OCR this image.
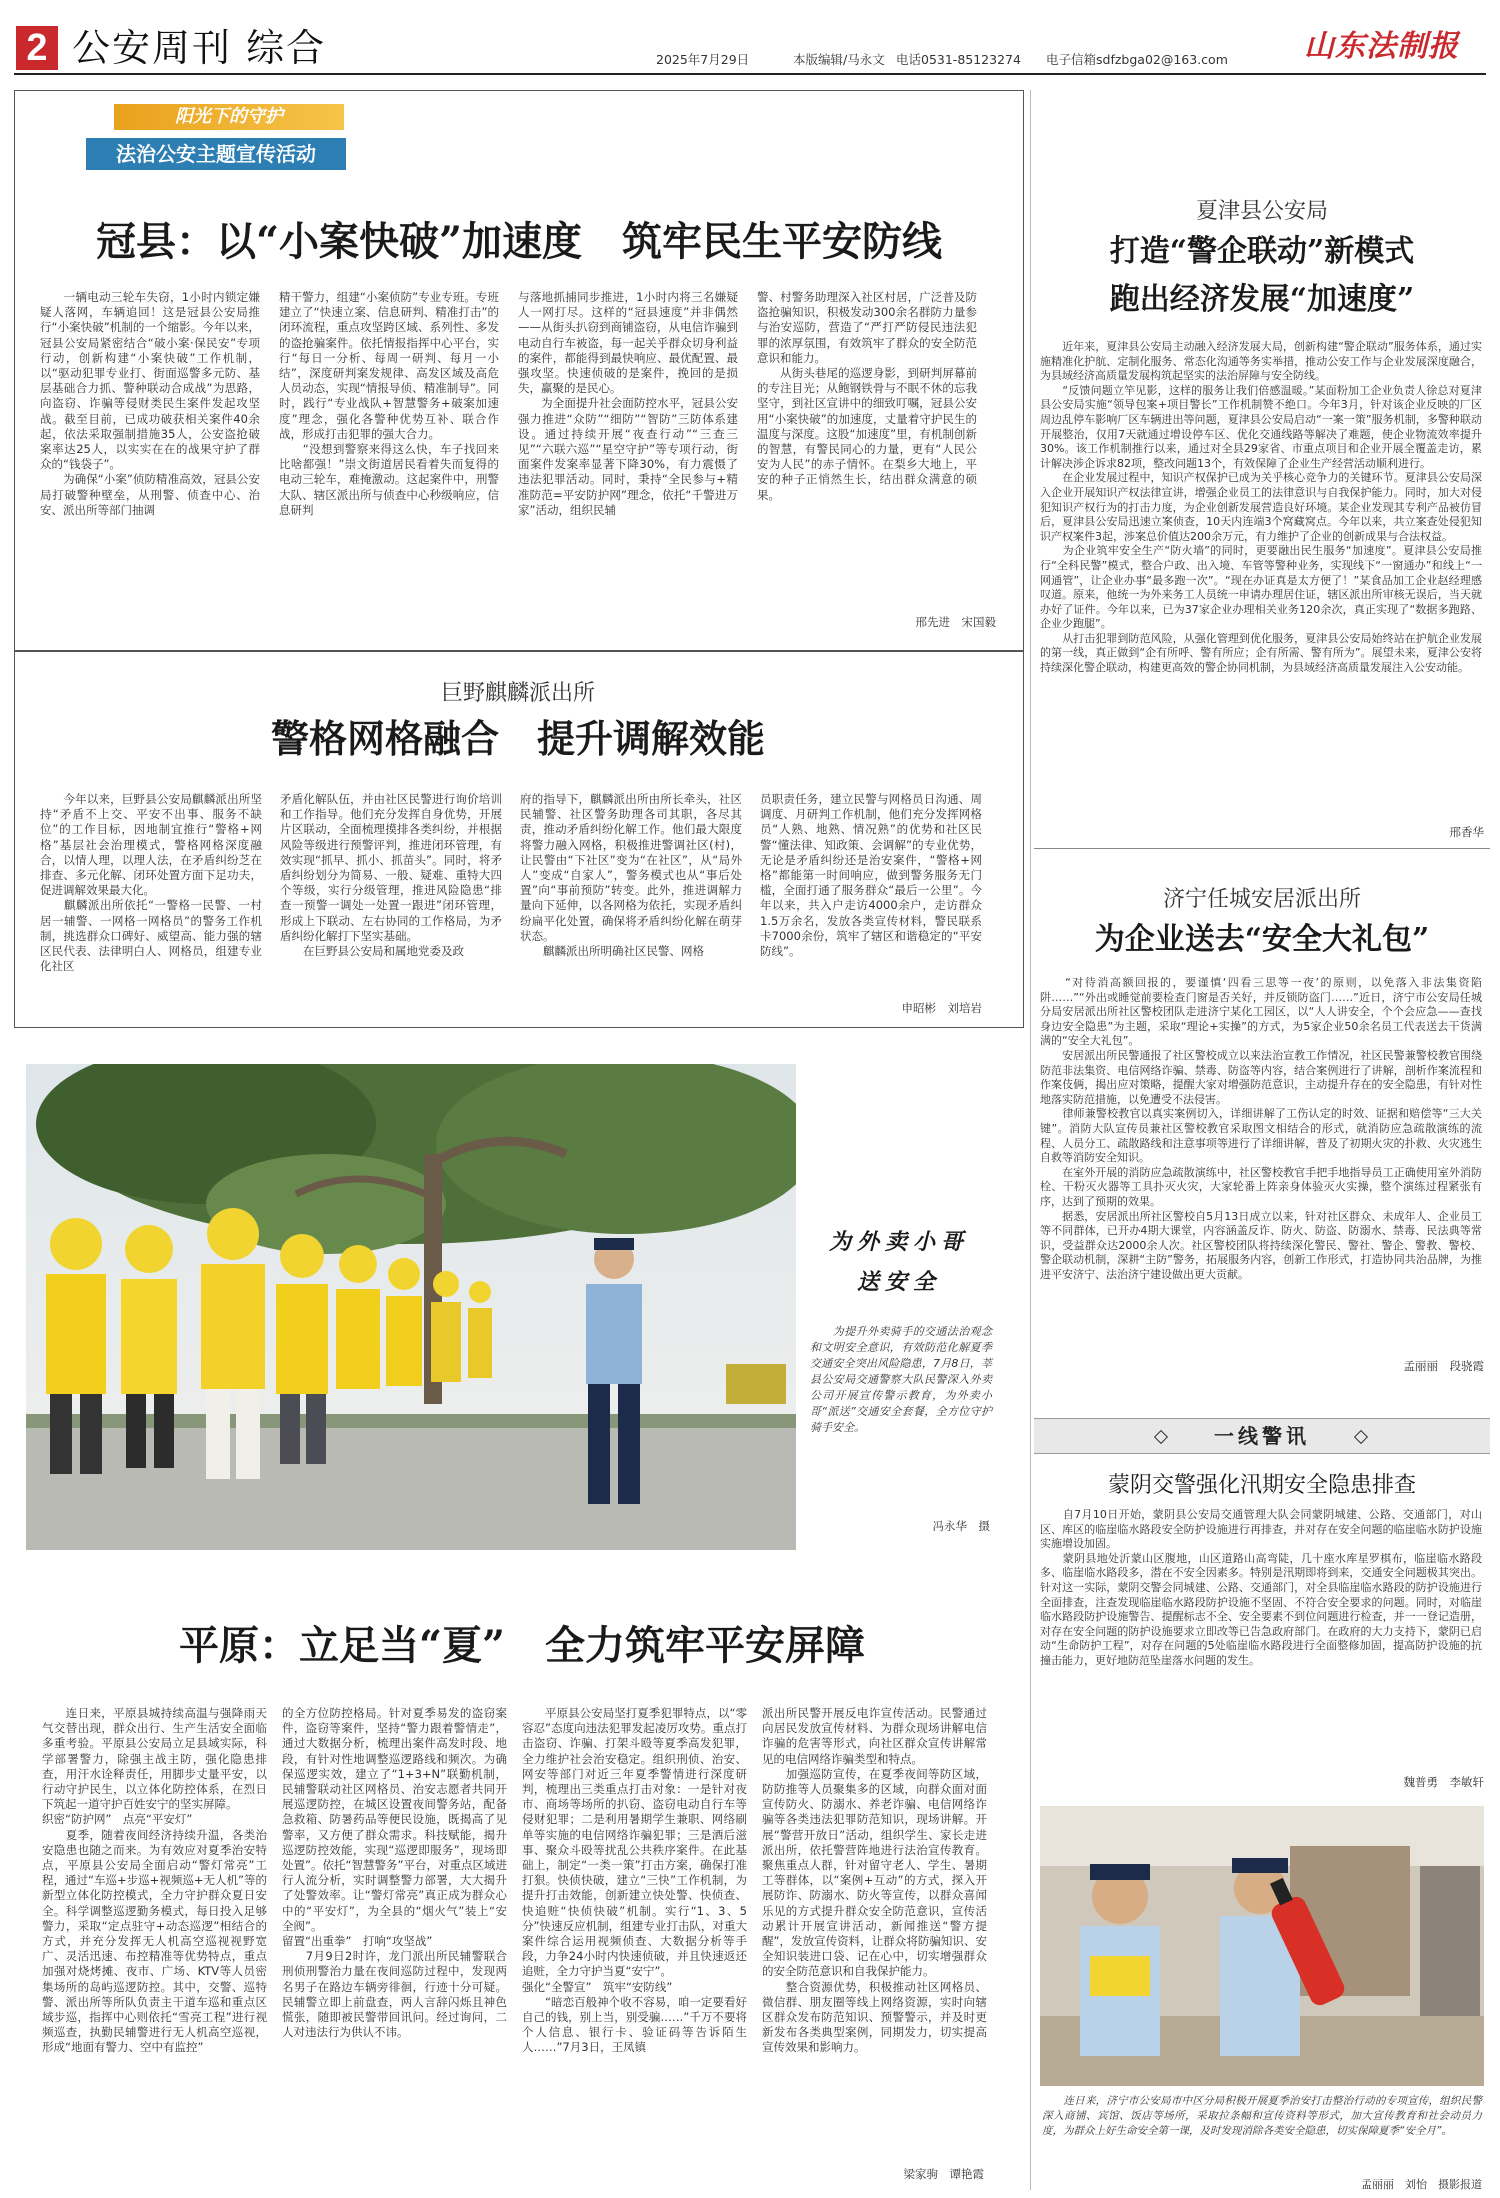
2 公安周刊 综合	2025年7月29日	本版编辑/马永文 电话0531-85123274 电子信箱sdfzbga02@163.com	山东法制报
阳光下的守护
法治公安主题宣传活动
冠县：以“小案快破”加速度　筑牢民生平安防线
　　一辆电动三轮车失窃，1小时内锁定嫌疑人落网，车辆追回！这是冠县公安局推行“小案快破”机制的一个缩影。今年以来，冠县公安局紧密结合“破小案·保民安”专项行动，创新构建“小案快破”工作机制，以“驱动犯罪专业打、街面巡警多元防、基层基础合力抓、警种联动合成战”为思路，向盗窃、诈骗等侵财类民生案件发起攻坚战。截至目前，已成功破获相关案件40余起，依法采取强制措施35人，公安盗抢破案率达25人，以实实在在的战果守护了群众的“钱袋子”。
　　为确保“小案”侦防精准高效，冠县公安局打破警种壁垒，从刑警、侦查中心、治安、派出所等部门抽调
精干警力，组建“小案侦防”专业专班。专班建立了“快速立案、信息研判、精准打击”的闭环流程，重点攻坚跨区域、系列性、多发的盗抢骗案件。依托情报指挥中心平台，实行“每日一分析、每周一研判、每月一小结”，深度研判案发规律、高发区域及高危人员动态，实现“情报导侦、精准制导”。同时，践行“专业战队+智慧警务+破案加速度”理念，强化各警种优势互补、联合作战，形成打击犯罪的强大合力。
　　“没想到警察来得这么快，车子找回来比啥都强！”崇文街道居民看着失而复得的电动三轮车，难掩激动。这起案件中，刑警大队、辖区派出所与侦查中心秒级响应，信息研判
与落地抓捕同步推进，1小时内将三名嫌疑人一网打尽。这样的“冠县速度”并非偶然——从街头扒窃到商铺盗窃，从电信诈骗到电动自行车被盗，每一起关乎群众切身利益的案件，都能得到最快响应、最优配置、最强攻坚。快速侦破的是案件，挽回的是损失，赢聚的是民心。
　　为全面提升社会面防控水平，冠县公安强力推进“众防”“细防”“智防”三防体系建设。通过持续开展“夜查行动”“三查三见”“六联六巡”“星空守护”等专项行动，街面案件发案率显著下降30%，有力震慑了违法犯罪活动。同时，秉持“全民参与+精准防范=平安防护网”理念，依托“千警进万家”活动，组织民辅
警、村警务助理深入社区村居，广泛普及防盗抢骗知识，积极发动300余名群防力量参与治安巡防，营造了“严打严防侵民违法犯罪的浓厚氛围，有效筑牢了群众的安全防范意识和能力。
　　从街头巷尾的巡逻身影，到研判屏幕前的专注目光；从鲍钢铁骨与不眠不休的忘我坚守，到社区宣讲中的细致叮嘱，冠县公安用“小案快破”的加速度，丈量着守护民生的温度与深度。这股“加速度”里，有机制创新的智慧，有警民同心的力量，更有“人民公安为人民”的赤子情怀。在梨乡大地上，平安的种子正悄然生长，结出群众满意的硕果。
邢先进　宋国毅
巨野麒麟派出所
警格网格融合　提升调解效能
　　今年以来，巨野县公安局麒麟派出所坚持“矛盾不上交、平安不出事、服务不缺位”的工作目标，因地制宜推行“警格+网格”基层社会治理模式，警格网格深度融合，以情人理，以理人法，在矛盾纠纷芝在排查、多元化解、闭环处置方面下足功夫，促进调解效果最大化。
　　麒麟派出所依托“一警格一民警、一村居一辅警、一网格一网格员”的警务工作机制，挑选群众口碑好、威望高、能力强的辖区民代表、法律明白人、网格员，组建专业化社区
矛盾化解队伍，并由社区民警进行询价培训和工作指导。他们充分发挥自身优势，开展片区联动，全面梳理摸排各类纠纷，并根据风险等级进行预警评判，推进闭环管理，有效实现“抓早、抓小、抓苗头”。同时，将矛盾纠纷划分为简易、一般、疑难、重特大四个等级，实行分级管理，推进风险隐患“排查一预警一调处一处置一跟进”闭环管理，形成上下联动、左右协同的工作格局，为矛盾纠纷化解打下坚实基础。
　　在巨野县公安局和属地党委及政
府的指导下，麒麟派出所由所长牵头，社区民辅警、社区警务助理各司其职，各尽其责，推动矛盾纠纷化解工作。他们最大限度将警力融入网格，积极推进警调社区(村)，让民警由“下社区”变为“在社区”，从“局外人”变成“自家人”，警务模式也从“事后处置”向“事前预防”转变。此外，推进调解力量向下延伸，以各网格为依托，实现矛盾纠纷扁平化处置，确保将矛盾纠纷化解在萌芽状态。
　　麒麟派出所明确社区民警、网格
员职责任务，建立民警与网格员日沟通、周调度、月研判工作机制，他们充分发挥网格员“人熟、地熟、情况熟”的优势和社区民警“懂法律、知政策、会调解”的专业优势，无论是矛盾纠纷还是治安案件，“警格+网格”都能第一时间响应，做到警务服务无门槛，全面打通了服务群众“最后一公里”。今年以来，共入户走访4000余户，走访群众1.5万余名，发放各类宣传材料，警民联系卡7000余份，筑牢了辖区和谐稳定的“平安防线”。
申昭彬　刘培岩
为外卖小哥
送安全
　　为提升外卖骑手的交通法治观念和文明安全意识，有效防范化解夏季交通安全突出风险隐患，7月8日，莘县公安局交通警察大队民警深入外卖公司开展宣传警示教育，为外卖小哥“派送”交通安全套餐，全方位守护骑手安全。
冯永华　摄
平原：立足当“夏”　全力筑牢平安屏障
　　连日来，平原县城持续高温与强降雨天气交替出现，群众出行、生产生活安全面临多重考验。平原县公安局立足县域实际，科学部署警力，除强主战主防，强化隐患排查，用汗水诠释责任，用脚步丈量平安，以行动守护民生，以立体化防控体系，在烈日下筑起一道守护百姓安宁的坚实屏障。
织密“防护网”　点亮“平安灯”
　　夏季，随着夜间经济持续升温，各类治安隐患也随之而来。为有效应对夏季治安特点，平原县公安局全面启动“警灯常亮”工程，通过“车巡+步巡+视频巡+无人机”等的新型立体化防控模式，全力守护群众夏日安全。科学调整巡逻勤务模式，每日投入足够警力，采取“定点驻守+动态巡逻”相结合的方式，并充分发挥无人机高空巡视视野宽广、灵活迅速、布控精准等优势特点，重点加强对烧烤摊、夜市、广场、KTV等人员密集场所的岛屿巡逻防控。其中，交警、巡特警、派出所等所队负责主干道车巡和重点区域步巡，指挥中心则依托“雪亮工程”进行视频巡查，执勤民辅警进行无人机高空巡视，形成“地面有警力、空中有监控”
的全方位防控格局。针对夏季易发的盗窃案件，盗窃等案件，坚持“警力跟着警情走”，通过大数据分析，梳理出案件高发时段、地段，有针对性地调整巡逻路线和频次。为确保巡逻实效，建立了“1+3+N”联勤机制，民辅警联动社区网格员、治安志愿者共同开展巡逻防控，在城区设置夜间警务站，配备急救箱、防暑药品等便民设施，既揭高了见警率，又方便了群众需求。科技赋能，揭升巡逻防控效能，实现“巡逻即服务”，现场即处置”。依托“智慧警务”平台，对重点区域进行人流分析，实时调整警力部署，大大揭升了处警效率。让“警灯常亮”真正成为群众心中的“平安灯”，为全县的“烟火气”装上“安全阀”。
留置“出重拳”　打响“攻坚战”
　　7月9日2时许，龙门派出所民辅警联合刑侦刑警治力量在夜间巡防过程中，发现两名男子在路边车辆旁徘徊，行迹十分可疑。民辅警立即上前盘查，两人言辞闪烁且神色慌张，随即被民警带回讯问。经过询问，二人对违法行为供认不讳。
　　平原县公安局坚打夏季犯罪特点，以“零容忍”态度向违法犯罪发起凌厉攻势。重点打击盗窃、诈骗、打架斗殴等夏季高发犯罪，全力维护社会治安稳定。组织刑侦、治安、网安等部门对近三年夏季警情进行深度研判，梳理出三类重点打击对象：一是针对夜市、商场等场所的扒窃、盗窃电动自行车等侵财犯罪；二是利用暑期学生兼职、网络刷单等实施的电信网络诈骗犯罪；三是酒后滋事、聚众斗殴等扰乱公共秩序案件。在此基础上，制定“一类一策”打击方案，确保打准打狠。快侦快破，建立“三快”工作机制，为提升打击效能，创新建立快处警、快侦查、快追赃“快侦快破”机制。实行“1、3、5分”快速反应机制，组建专业打击队，对重大案件综合运用视频侦查、大数据分析等手段，力争24小时内快速侦破，并且快速返还追赃，全力守护当夏“安宁”。
强化“全警宣”　筑牢“安防线”
　　“暗恋百般神个收不容易，咱一定要看好自己的钱，别上当，别受骗……”千万不要将个人信息、银行卡、验证码等告诉陌生人……”7月3日，王凤镇
派出所民警开展反电诈宣传活动。民警通过向居民发放宣传材料、为群众现场讲解电信诈骗的危害等形式，向社区群众宣传讲解常见的电信网络诈骗类型和特点。
　　加强巡防宣传，在夏季夜间等防区域，防防推等人员聚集多的区域，向群众面对面宣传防火、防溺水、养老诈骗、电信网络诈骗等各类违法犯罪防范知识，现场讲解。开展“警营开放日”活动，组织学生、家长走进派出所，依托警营阵地进行法治宣传教育。聚焦重点人群，针对留守老人、学生、暑期工等群体，以“案例+互动”的方式，探入开展防诈、防溺水、防火等宣传，以群众喜闻乐见的方式提升群众安全防范意识，宣传活动累计开展宣讲活动，新闻推送“警方提醒”，发放宣传资料，让群众将防骗知识、安全知识装进口袋、记在心中，切实增强群众的安全防范意识和自我保护能力。
　　整合资源优势，积极推动社区网格员、微信群、朋友圈等线上网络资源，实时向辖区群众发布防范知识、预警警示，并及时更新发布各类典型案例，同期发力，切实提高宣传效果和影响力。
梁家驹　谭艳霞
夏津县公安局
打造“警企联动”新模式
跑出经济发展“加速度”
　　近年来，夏津县公安局主动融入经济发展大局，创新构建“警企联动”服务体系，通过实施精准化护航、定制化服务、常态化沟通等务实举措，推动公安工作与企业发展深度融合，为县域经济高质量发展构筑起坚实的法治屏障与安全防线。
　　“反馈问题立竿见影，这样的服务让我们倍感温暖。”某面粉加工企业负责人徐总对夏津县公安局实施“领导包案+项目警长”工作机制赞不绝口。今年3月，针对该企业反映的厂区周边乱停车影响厂区车辆进出等问题，夏津县公安局启动“一案一策”服务机制，多警种联动开展整治，仅用7天就通过增设停车区、优化交通线路等解决了难题，使企业物流效率提升30%。该工作机制推行以来，通过对全县29家省、市重点项目和企业开展全覆盖走访，累计解决涉企诉求82项，整改问题13个，有效保障了企业生产经营活动顺利进行。
　　在企业发展过程中，知识产权保护已成为关乎核心竞争力的关键环节。夏津县公安局深入企业开展知识产权法律宣讲，增强企业员工的法律意识与自我保护能力。同时，加大对侵犯知识产权行为的打击力度，为企业创新发展营造良好环境。某企业发现其专利产品被仿冒后，夏津县公安局迅速立案侦查，10天内连端3个窝藏窝点。今年以来，共立案查处侵犯知识产权案件3起，涉案总价值达200余万元，有力维护了企业的创新成果与合法权益。
　　为企业筑牢安全生产“防火墙”的同时，更要融出民生服务“加速度”。夏津县公安局推行“全科民警”模式，整合户政、出入境、车管等警种业务，实现线下“一窗通办”和线上“一网通管”，让企业办事“最多跑一次”。“现在办证真是太方便了！”某食品加工企业赵经理感叹道。原来，他统一为外来务工人员统一申请办理居住证，辖区派出所审核无误后，当天就办好了证件。今年以来，已为37家企业办理相关业务120余次，真正实现了“数据多跑路、企业少跑腿”。
　　从打击犯罪到防范风险，从强化管理到优化服务，夏津县公安局始终站在护航企业发展的第一线，真正做到“企有所呼、警有所应；企有所需、警有所为”。展望未来，夏津公安将持续深化警企联动，构建更高效的警企协同机制，为县域经济高质量发展注入公安动能。
邢香华
济宁任城安居派出所
为企业送去“安全大礼包”
　　“对待消高额回报的，要谨慎‘四看三思等一夜’的原则，以免落入非法集资陷阱……”“外出或睡觉前要检查门窗是否关好，并反锁防盗门……”近日，济宁市公安局任城分局安居派出所社区警校团队走进济宁某化工园区，以“人人讲安全，个个会应急——查找身边安全隐患”为主题，采取“理论+实操”的方式，为5家企业50余名员工代表送去干货满满的“安全大礼包”。
　　安居派出所民警通报了社区警校成立以来法治宣教工作情况，社区民警兼警校教官围绕防范非法集资、电信网络诈骗、禁毒、防盗等内容，结合案例进行了讲解，剖析作案流程和作案伎俩，揭出应对策略，提醒大家对增强防范意识，主动提升存在的安全隐患，有针对性地落实防范措施，以免遭受不法侵害。
　　律师兼警校教官以真实案例切入，详细讲解了工伤认定的时效、证据和赔偿等“三大关键”。消防大队宣传员兼社区警校教官采取图文相结合的形式，就消防应急疏散演练的流程、人员分工、疏散路线和注意事项等进行了详细讲解，普及了初期火灾的扑救、火灾逃生自救等消防安全知识。
　　在室外开展的消防应急疏散演练中，社区警校教官手把手地指导员工正确使用室外消防栓、干粉灭火器等工具扑灭火灾，大家轮番上阵亲身体验灭火实操，整个演练过程紧张有序，达到了预期的效果。
　　据悉，安居派出所社区警校自5月13日成立以来，针对社区群众、未成年人、企业员工等不同群体，已开办4期大课堂，内容涵盖反诈、防火、防盗、防溺水、禁毒、民法典等常识，受益群众达2000余人次。社区警校团队将持续深化警民、警社、警企、警教、警校、警企联动机制，深耕“主防”警务，拓展服务内容，创新工作形式，打造协同共治品牌，为推进平安济宁、法治济宁建设做出更大贡献。
孟丽丽　段骁霞
一线警讯
蒙阴交警强化汛期安全隐患排查
　　自7月10日开始，蒙阴县公安局交通管理大队会同蒙阴城建、公路、交通部门，对山区、库区的临崖临水路段安全防护设施进行再排查，并对存在安全问题的临崖临水防护设施实施增设加固。
　　蒙阴县地处沂蒙山区腹地，山区道路山高弯陡，几十座水库星罗棋布，临崖临水路段多、临崖临水路段多，潜在不安全因素多。特别是汛期即将到来，交通安全问题极其突出。针对这一实际，蒙阴交警会同城建、公路、交通部门，对全县临崖临水路段的防护设施进行全面排查，注查发现临崖临水路段防护设施不坚固、不符合安全要求的问题。同时，对临崖临水路段防护设施警告、提醒标志不全、安全要素不到位问题进行检查，并一一登记造册，对存在安全问题的防护设施要求立即改等已告急政府部门。在政府的大力支持下，蒙阴已启动“生命防护工程”，对存在问题的5处临崖临水路段进行全面整修加固，提高防护设施的抗撞击能力，更好地防范坠崖落水问题的发生。
魏普勇　李敏轩
　　连日来，济宁市公安局市中区分局积极开展夏季治安打击整治行动的专项宣传，组织民警深入商铺、宾馆、饭店等场所，采取拉条幅和宣传资料等形式，加大宣传教育和社会动员力度，为群众上好生命安全第一课，及时发现消除各类安全隐患，切实保障夏季“安全月”。
孟丽丽　刘怡　摄影报道
